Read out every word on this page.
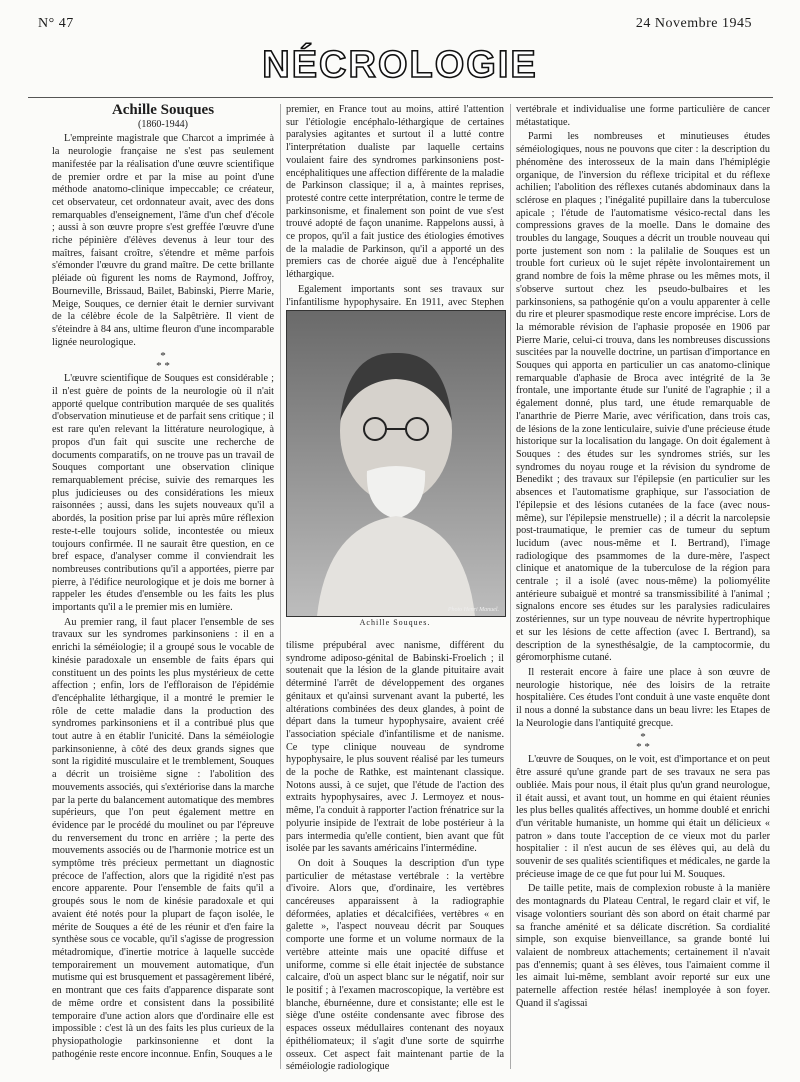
N° 47	24 Novembre 1945
NÉCROLOGIE

Achille Souques

(1860-1944)

L'empreinte magistrale que Charcot a imprimée à la neurologie française ne s'est pas seulement manifestée par la réalisation d'une œuvre scientifique de premier ordre et par la mise au point d'une méthode anatomo-clinique impeccable; ce créateur, cet observateur, cet ordonnateur avait, avec des dons remarquables d'enseignement, l'âme d'un chef d'école ; aussi à son œuvre propre s'est greffée l'œuvre d'une riche pépinière d'élèves devenus à leur tour des maîtres, faisant croître, s'étendre et même parfois s'émonder l'œuvre du grand maître. De cette brillante pléiade où figurent les noms de Raymond, Joffroy, Bourneville, Brissaud, Bailet, Babinski, Pierre Marie, Meige, Souques, ce dernier était le dernier survivant de la célèbre école de la Salpêtrière. Il vient de s'éteindre à 84 ans, ultime fleuron d'une incomparable lignée neurologique.

*
* *

L'œuvre scientifique de Souques est considérable ; il n'est guère de points de la neurologie où il n'ait apporté quelque contribution marquée de ses qualités d'observation minutieuse et de parfait sens critique ; il est rare qu'en relevant la littérature neurologique, à propos d'un fait qui suscite une recherche de documents comparatifs, on ne trouve pas un travail de Souques comportant une observation clinique remarquablement précise, suivie des remarques les plus judicieuses ou des considérations les mieux raisonnées ; aussi, dans les sujets nouveaux qu'il a abordés, la position prise par lui après mûre réflexion reste-t-elle toujours solide, incontestée ou mieux toujours confirmée. Il ne saurait être question, en ce bref espace, d'analyser comme il conviendrait les nombreuses contributions qu'il a apportées, pierre par pierre, à l'édifice neurologique et je dois me borner à rappeler les études d'ensemble ou les faits les plus importants qu'il a le premier mis en lumière.

Au premier rang, il faut placer l'ensemble de ses travaux sur les syndromes parkinsoniens : il en a enrichi la séméiologie; il a groupé sous le vocable de kinésie paradoxale un ensemble de faits épars qui constituent un des points les plus mystérieux de cette affection ; enfin, lors de l'effloraison de l'épidémie d'encéphalite léthargique, il a montré le premier le rôle de cette maladie dans la production des syndromes parkinsoniens et il a contribué plus que tout autre à en établir l'unicité. Dans la séméiologie parkinsonienne, à côté des deux grands signes que sont la rigidité musculaire et le tremblement, Souques a décrit un troisième signe : l'abolition des mouvements associés, qui s'extériorise dans la marche par la perte du balancement automatique des membres supérieurs, que l'on peut également mettre en évidence par le procédé du moulinet ou par l'épreuve du renversement du tronc en arrière ; la perte des mouvements associés ou de l'harmonie motrice est un symptôme très précieux permettant un diagnostic précoce de l'affection, alors que la rigidité n'est pas encore apparente. Pour l'ensemble de faits qu'il a groupés sous le nom de kinésie paradoxale et qui avaient été notés pour la plupart de façon isolée, le mérite de Souques a été de les réunir et d'en faire la synthèse sous ce vocable, qu'il s'agisse de progression métadromique, d'inertie motrice à laquelle succède temporairement un mouvement automatique, d'un mutisme qui est brusquement et passagèrement libéré, en montrant que ces faits d'apparence disparate sont de même ordre et consistent dans la possibilité temporaire d'une action alors que d'ordinaire elle est impossible : c'est là un des faits les plus curieux de la physiopathologie parkinsonienne et dont la pathogénie reste encore inconnue. Enfin, Souques a le

premier, en France tout au moins, attiré l'attention sur l'étiologie encéphalo-léthargique de certaines paralysies agitantes et surtout il a lutté contre l'interprétation dualiste par laquelle certains voulaient faire des syndromes parkinsoniens post-encéphalitiques une affection différente de la maladie de Parkinson classique; il a, à maintes reprises, protesté contre cette interprétation, contre le terme de parkinsonisme, et finalement son point de vue s'est trouvé adopté de façon unanime. Rappelons aussi, à ce propos, qu'il a fait justice des étiologies émotives de la maladie de Parkinson, qu'il a apporté un des premiers cas de chorée aiguë due à l'encéphalite léthargique.

Egalement importants sont ses travaux sur l'infantilisme hypophysaire. En 1911, avec Stephen

Photo Henri Manuel.
Achille Souques.

tilisme prépubéral avec nanisme, différent du syndrome adiposo-génital de Babinski-Froelich ; il soutenait que la lésion de la glande pituitaire avait déterminé l'arrêt de développement des organes génitaux et qu'ainsi survenant avant la puberté, les altérations combinées des deux glandes, à point de départ dans la tumeur hypophysaire, avaient créé l'association spéciale d'infantilisme et de nanisme. Ce type clinique nouveau de syndrome hypophysaire, le plus souvent réalisé par les tumeurs de la poche de Rathke, est maintenant classique. Notons aussi, à ce sujet, que l'étude de l'action des extraits hypophysaires, avec J. Lermoyez et nous-même, l'a conduit à rapporter l'action frénatrice sur la polyurie insipide de l'extrait de lobe postérieur à la pars intermedia qu'elle contient, bien avant que fût isolée par les savants américains l'intermédine.

On doit à Souques la description d'un type particulier de métastase vertébrale : la vertèbre d'ivoire. Alors que, d'ordinaire, les vertèbres cancéreuses apparaissent à la radiographie déformées, aplaties et décalcifiées, vertèbres « en galette », l'aspect nouveau décrit par Souques comporte une forme et un volume normaux de la vertèbre atteinte mais une opacité diffuse et uniforme, comme si elle était injectée de substance calcaire, d'où un aspect blanc sur le négatif, noir sur le positif ; à l'examen macroscopique, la vertèbre est blanche, éburnéenne, dure et consistante; elle est le siège d'une ostéite condensante avec fibrose des espaces osseux médullaires contenant des noyaux épithéliomateux; il s'agit d'une sorte de squirrhe osseux. Cet aspect fait maintenant partie de la séméiologie radiologique

vertébrale et individualise une forme particulière de cancer métastatique.

Parmi les nombreuses et minutieuses études séméiologiques, nous ne pouvons que citer : la description du phénomène des interosseux de la main dans l'hémiplégie organique, de l'inversion du réflexe tricipital et du réflexe achilien; l'abolition des réflexes cutanés abdominaux dans la sclérose en plaques ; l'inégalité pupillaire dans la tuberculose apicale ; l'étude de l'automatisme vésico-rectal dans les compressions graves de la moelle. Dans le domaine des troubles du langage, Souques a décrit un trouble nouveau qui porte justement son nom : la palilalie de Souques est un trouble fort curieux où le sujet répète involontairement un grand nombre de fois la même phrase ou les mêmes mots, il s'observe surtout chez les pseudo-bulbaires et les parkinsoniens, sa pathogénie qu'on a voulu apparenter à celle du rire et pleurer spasmodique reste encore imprécise. Lors de la mémorable révision de l'aphasie proposée en 1906 par Pierre Marie, celui-ci trouva, dans les nombreuses discussions suscitées par la nouvelle doctrine, un partisan d'importance en Souques qui apporta en particulier un cas anatomo-clinique remarquable d'aphasie de Broca avec intégrité de la 3e frontale, une importante étude sur l'unité de l'agraphie ; il a également donné, plus tard, une étude remarquable de l'anarthrie de Pierre Marie, avec vérification, dans trois cas, de lésions de la zone lenticulaire, suivie d'une précieuse étude historique sur la localisation du langage. On doit également à Souques : des études sur les syndromes striés, sur les syndromes du noyau rouge et la révision du syndrome de Benedikt ; des travaux sur l'épilepsie (en particulier sur les absences et l'automatisme graphique, sur l'association de l'épilepsie et des lésions cutanées de la face (avec nous-même), sur l'épilepsie menstruelle) ; il a décrit la narcolepsie post-traumatique, le premier cas de tumeur du septum lucidum (avec nous-même et I. Bertrand), l'image radiologique des psammomes de la dure-mère, l'aspect clinique et anatomique de la tuberculose de la région para centrale ; il a isolé (avec nous-même) la poliomyélite antérieure subaiguë et montré sa transmissibilité à l'animal ; signalons encore ses études sur les paralysies radiculaires zostériennes, sur un type nouveau de névrite hypertrophique et sur les lésions de cette affection (avec I. Bertrand), sa description de la synesthésalgie, de la camptocormie, du géromorphisme cutané.

Il resterait encore à faire une place à son œuvre de neurologie historique, née des loisirs de la retraite hospitalière. Ces études l'ont conduit à une vaste enquête dont il nous a donné la substance dans un beau livre: les Etapes de la Neurologie dans l'antiquité grecque.

*
* *

L'œuvre de Souques, on le voit, est d'importance et on peut être assuré qu'une grande part de ses travaux ne sera pas oubliée. Mais pour nous, il était plus qu'un grand neurologue, il était aussi, et avant tout, un homme en qui étaient réunies les plus belles qualités affectives, un homme doublé et enrichi d'un véritable humaniste, un homme qui était un délicieux « patron » dans toute l'acception de ce vieux mot du parler hospitalier : il n'est aucun de ses élèves qui, au delà du souvenir de ses qualités scientifiques et médicales, ne garde la précieuse image de ce que fut pour lui M. Souques.

De taille petite, mais de complexion robuste à la manière des montagnards du Plateau Central, le regard clair et vif, le visage volontiers souriant dès son abord on était charmé par sa franche aménité et sa délicate discrétion. Sa cordialité simple, son exquise bienveillance, sa grande bonté lui valaient de nombreux attachements; certainement il n'avait pas d'ennemis; quant à ses élèves, tous l'aimaient comme il les aimait lui-même, semblant avoir reporté sur eux une paternelle affection restée hélas! inemployée à son foyer. Quand il s'agissai
